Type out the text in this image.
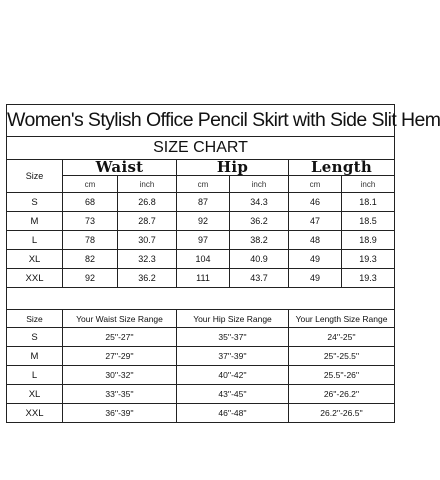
Women's Stylish Office Pencil Skirt with Side Slit Hem						
SIZE CHART						
Size	Waist		Hip		Length	
	cm	inch	cm	inch	cm	inch
S	68	26.8	87	34.3	46	18.1
M	73	28.7	92	36.2	47	18.5
L	78	30.7	97	38.2	48	18.9
XL	82	32.3	104	40.9	49	19.3
XXL	92	36.2	111	43.7	49	19.3

Size	Your Waist Size Range	Your Hip Size Range	Your Length Size Range
S	25''-27''	35''-37''	24''-25''
M	27''-29''	37''-39''	25''-25.5''
L	30''-32''	40''-42''	25.5''-26''
XL	33''-35''	43''-45''	26''-26.2''
XXL	36''-39''	46''-48''	26.2''-26.5''
